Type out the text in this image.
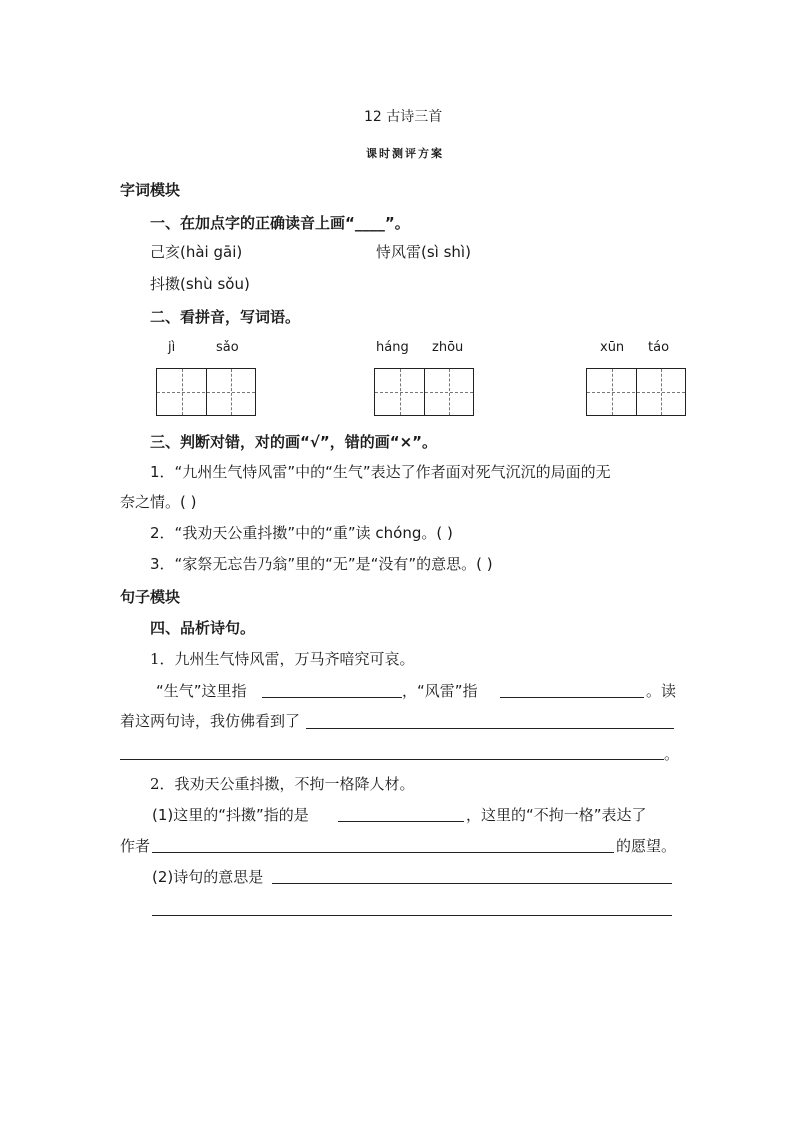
12 古诗三首
课时测评方案
字词模块
一、在加点字的正确读音上画“____”。
己亥(hài gāi)	恃风雷(sì shì)
抖擞(shù sǒu)
二、看拼音，写词语。
jì	sǎo	háng zhōu	xūn táo
三、判断对错，对的画“√”，错的画“×”。
1．“九州生气恃风雷”中的“生气”表达了作者面对死气沉沉的局面的无
奈之情。( )
2．“我劝天公重抖擞”中的“重”读 chóng。( )
3．“家祭无忘告乃翁”里的“无”是“没有”的意思。( )
句子模块
四、品析诗句。
1．九州生气恃风雷，万马齐喑究可哀。
“生气”这里指	，“风雷”指	。读
着这两句诗，我仿佛看到了
。
2．我劝天公重抖擞，不拘一格降人材。
(1)这里的“抖擞”指的是	，这里的“不拘一格”表达了
作者	的愿望。
(2)诗句的意思是
